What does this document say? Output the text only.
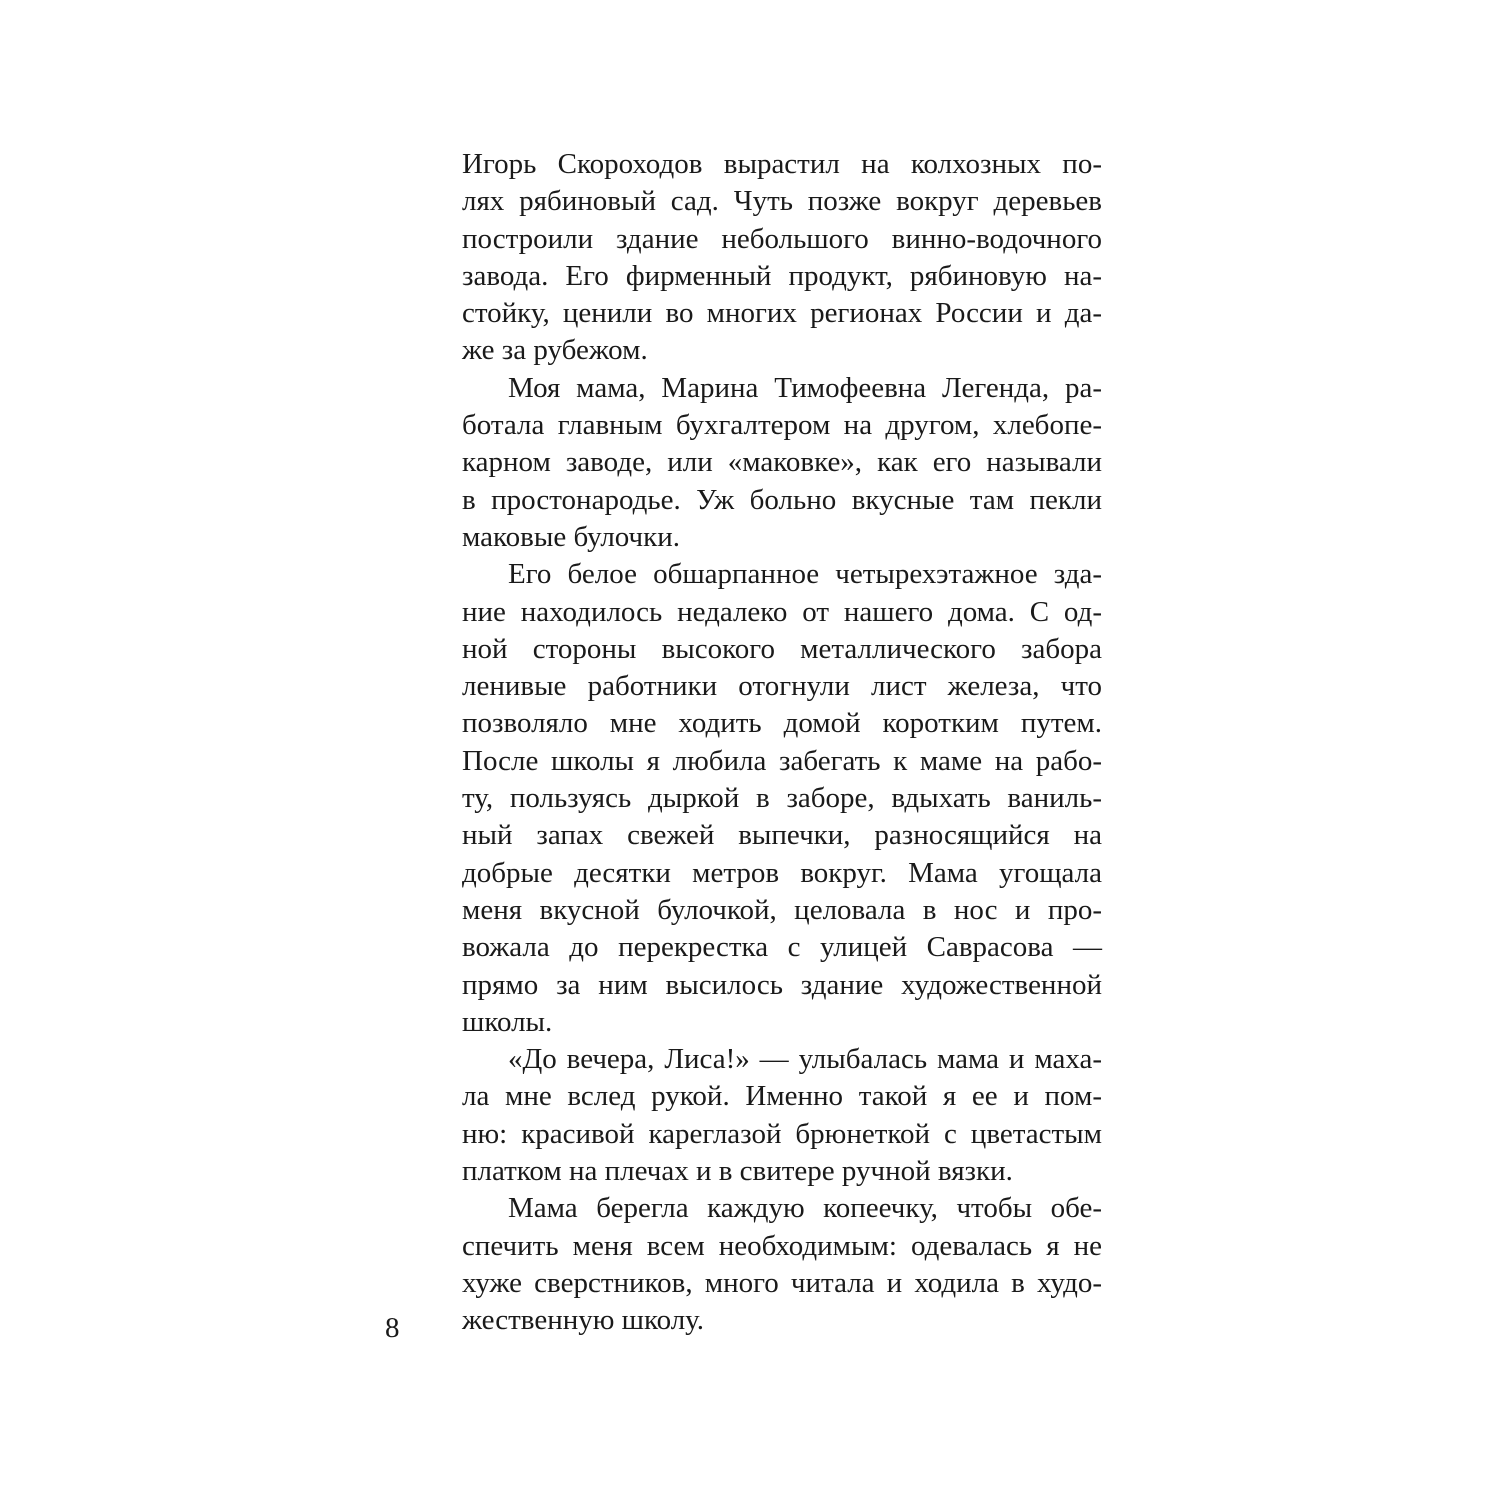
Игорь Скороходов вырастил на колхозных по-
лях рябиновый сад. Чуть позже вокруг деревьев
построили здание небольшого винно-водочного
завода. Его фирменный продукт, рябиновую на-
стойку, ценили во многих регионах России и да-
же за рубежом.
Моя мама, Марина Тимофеевна Легенда, ра-
ботала главным бухгалтером на другом, хлебопе-
карном заводе, или «маковке», как его называли
в простонародье. Уж больно вкусные там пекли
маковые булочки.
Его белое обшарпанное четырехэтажное зда-
ние находилось недалеко от нашего дома. С од-
ной стороны высокого металлического забора
ленивые работники отогнули лист железа, что
позволяло мне ходить домой коротким путем.
После школы я любила забегать к маме на рабо-
ту, пользуясь дыркой в заборе, вдыхать ваниль-
ный запах свежей выпечки, разносящийся на
добрые десятки метров вокруг. Мама угощала
меня вкусной булочкой, целовала в нос и про-
вожала до перекрестка с улицей Саврасова —
прямо за ним высилось здание художественной
школы.
«До вечера, Лиса!» — улыбалась мама и маха-
ла мне вслед рукой. Именно такой я ее и пом-
ню: красивой кареглазой брюнеткой с цветастым
платком на плечах и в свитере ручной вязки.
Мама берегла каждую копеечку, чтобы обе-
спечить меня всем необходимым: одевалась я не
хуже сверстников, много читала и ходила в худо-
жественную школу.
8
